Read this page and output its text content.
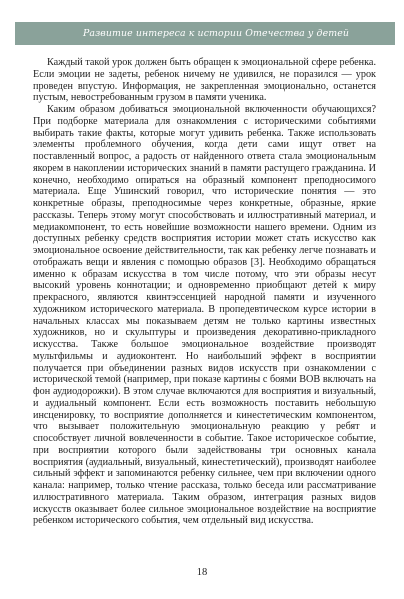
Развитие интереса к истории Отечества у детей

Каждый такой урок должен быть обращен к эмоциональной сфере ребенка. Если эмоции не задеты, ребенок ничему не удивился, не поразился — урок проведен впустую. Информация, не закрепленная эмоционально, останется пустым, невостребованным грузом в памяти ученика.

Каким образом добиваться эмоциональной включенности обучающихся? При подборке материала для ознакомления с историческими событиями выбирать такие факты, которые могут удивить ребенка. Также использовать элементы проблемного обучения, когда дети сами ищут ответ на поставленный вопрос, а радость от найденного ответа стала эмоциональным якорем в накоплении исторических знаний в памяти растущего гражданина. И конечно, необходимо опираться на образный компонент преподносимого материала. Еще Ушинский говорил, что исторические понятия — это конкретные образы, преподносимые через конкретные, образные, яркие рассказы. Теперь этому могут способствовать и иллюстративный материал, и медиакомпонент, то есть новейшие возможности нашего времени. Одним из доступных ребенку средств восприятия истории может стать искусство как эмоциональное освоение действительности, так как ребенку легче познавать и отображать вещи и явления с помощью образов [3]. Необходимо обращаться именно к образам искусства в том числе потому, что эти образы несут высокий уровень коннотации; и одновременно приобщают детей к миру прекрасного, являются квинтэссенцией народной памяти и изученного художником исторического материала. В пропедевтическом курсе истории в начальных классах мы показываем детям не только картины известных художников, но и скульптуры и произведения декоративно-прикладного искусства. Также большое эмоциональное воздействие производят мультфильмы и аудиоконтент. Но наибольший эффект в восприятии получается при объединении разных видов искусств при ознакомлении с исторической темой (например, при показе картины с боями ВОВ включать на фон аудиодорожки). В этом случае включаются для восприятия и визуальный, и аудиальный компонент. Если есть возможность поставить небольшую инсценировку, то восприятие дополняется и кинестетическим компонентом, что вызывает положительную эмоциональную реакцию у ребят и способствует личной вовлеченности в событие. Такое историческое событие, при восприятии которого были задействованы три основных канала восприятия (аудиальный, визуальный, кинестетический), производят наиболее сильный эффект и запоминаются ребенку сильнее, чем при включении одного канала: например, только чтение рассказа, только беседа или рассматривание иллюстративного материала. Таким образом, интеграция разных видов искусств оказывает более сильное эмоциональное воздействие на восприятие ребенком исторического события, чем отдельный вид искусства.

18
